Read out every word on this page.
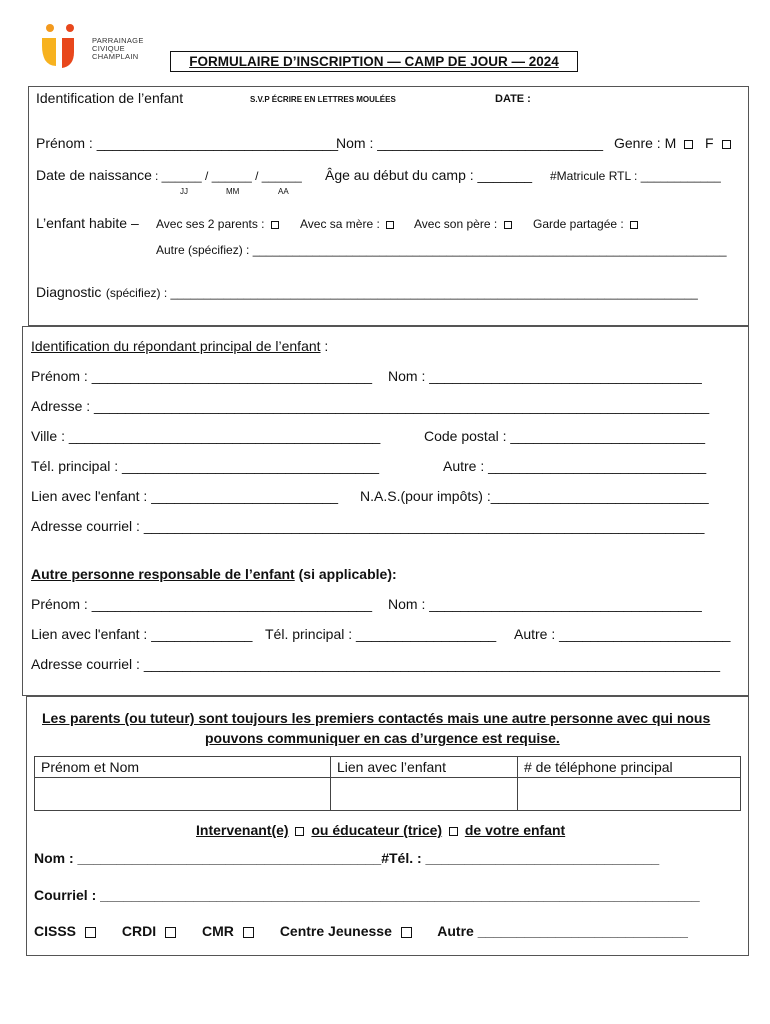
PARRAINAGE
CIVIQUE
CHAMPLAIN	FORMULAIRE D’INSCRIPTION — CAMP DE JOUR — 2024
Identification de l’enfant	S.V.P ÉCRIRE EN LETTRES MOULÉES	DATE :
Prénom : _______________________________
Nom : _____________________________ Genre : M F
Date de naissance : ______ / ______ / ______
JJ	MM	AA
Âge au début du camp : _______ #Matricule RTL : ____________
L’enfant habite – Avec ses 2 parents :	Avec sa mère :	Avec son père :	Garde partagée :
Autre (spécifiez) : _______________________________________________________________________
Diagnostic (spécifiez) : _______________________________________________________________________________
Identification du répondant principal de l’enfant :
Prénom : ____________________________________ Nom : ___________________________________
Adresse : _______________________________________________________________________________
Ville : ________________________________________	Code postal : _________________________
Tél. principal : _________________________________	Autre : ____________________________
Lien avec l'enfant : ________________________ N.A.S.(pour impôts) :____________________________
Adresse courriel : ________________________________________________________________________
Autre personne responsable de l’enfant (si applicable):
Prénom : ____________________________________ Nom : ___________________________________
Lien avec l'enfant : _____________ Tél. principal : __________________ Autre : ______________________
Adresse courriel : __________________________________________________________________________
Les parents (ou tuteur) sont toujours les premiers contactés mais une autre personne avec qui nous
pouvons communiquer en cas d’urgence est requise.
Prénom et Nom	Lien avec l’enfant	# de téléphone principal
Intervenant(e) ou éducateur (trice) de votre enfant
Nom : _______________________________________#Tél. : ______________________________
Courriel : _____________________________________________________________________________
CISSS	CRDI	CMR	Centre Jeunesse	Autre ___________________________
